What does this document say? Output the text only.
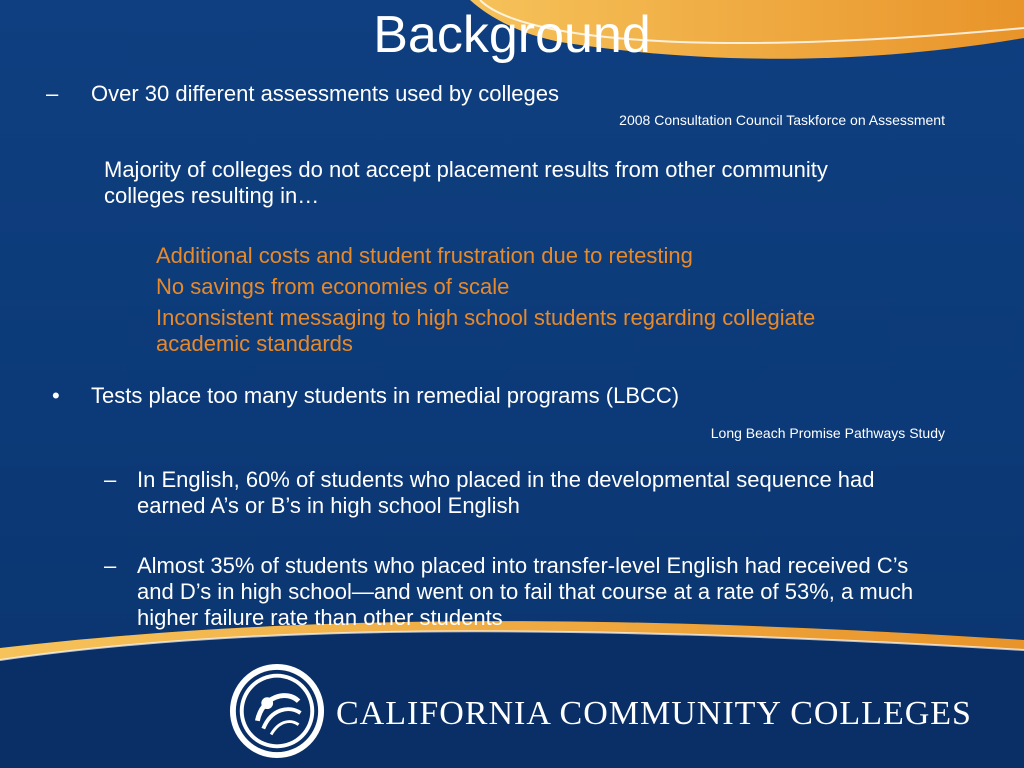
Background
– Over 30 different assessments used by colleges
2008 Consultation Council Taskforce on Assessment
Majority of colleges do not accept placement results from other community colleges resulting in…
Additional costs and student frustration due to retesting
No savings from economies of scale
Inconsistent messaging to high school students regarding collegiate academic standards
• Tests place too many students in remedial programs (LBCC)
Long Beach Promise Pathways Study
– In English, 60% of students who placed in the developmental sequence had earned A’s or B’s in high school English
– Almost 35% of students who placed into transfer-level English had received C’s and D’s in high school—and went on to fail that course at a rate of 53%, a much higher failure rate than other students
CALIFORNIA COMMUNITY COLLEGES
